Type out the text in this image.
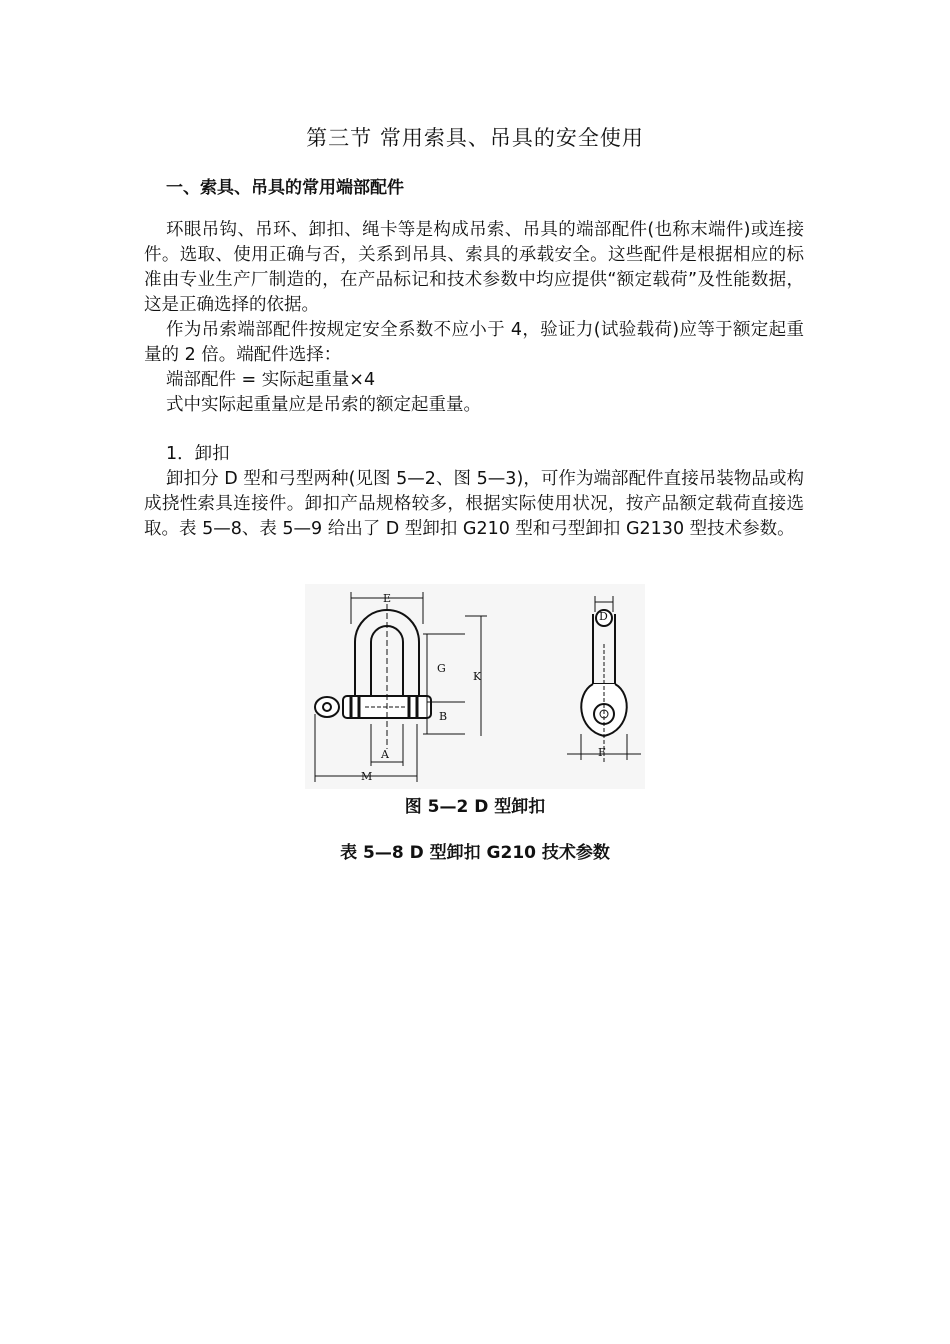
第三节 常用索具、吊具的安全使用
一、索具、吊具的常用端部配件

环眼吊钩、吊环、卸扣、绳卡等是构成吊索、吊具的端部配件(也称末端件)或连接件。选取、使用正确与否，关系到吊具、索具的承载安全。这些配件是根据相应的标准由专业生产厂制造的，在产品标记和技术参数中均应提供“额定载荷”及性能数据，这是正确选择的依据。

作为吊索端部配件按规定安全系数不应小于 4，验证力(试验载荷)应等于额定起重量的 2 倍。端配件选择：

端部配件 = 实际起重量×4

式中实际起重量应是吊索的额定起重量。

1．卸扣

卸扣分 D 型和弓型两种(见图 5—2、图 5—3)，可作为端部配件直接吊装物品或构成挠性索具连接件。卸扣产品规格较多，根据实际使用状况，按产品额定载荷直接选取。表 5—8、表 5—9 给出了 D 型卸扣 G210 型和弓型卸扣 G2130 型技术参数。

E
G
K
B
A
M
D
F
图 5—2 D 型卸扣
表 5—8 D 型卸扣 G210 技术参数
